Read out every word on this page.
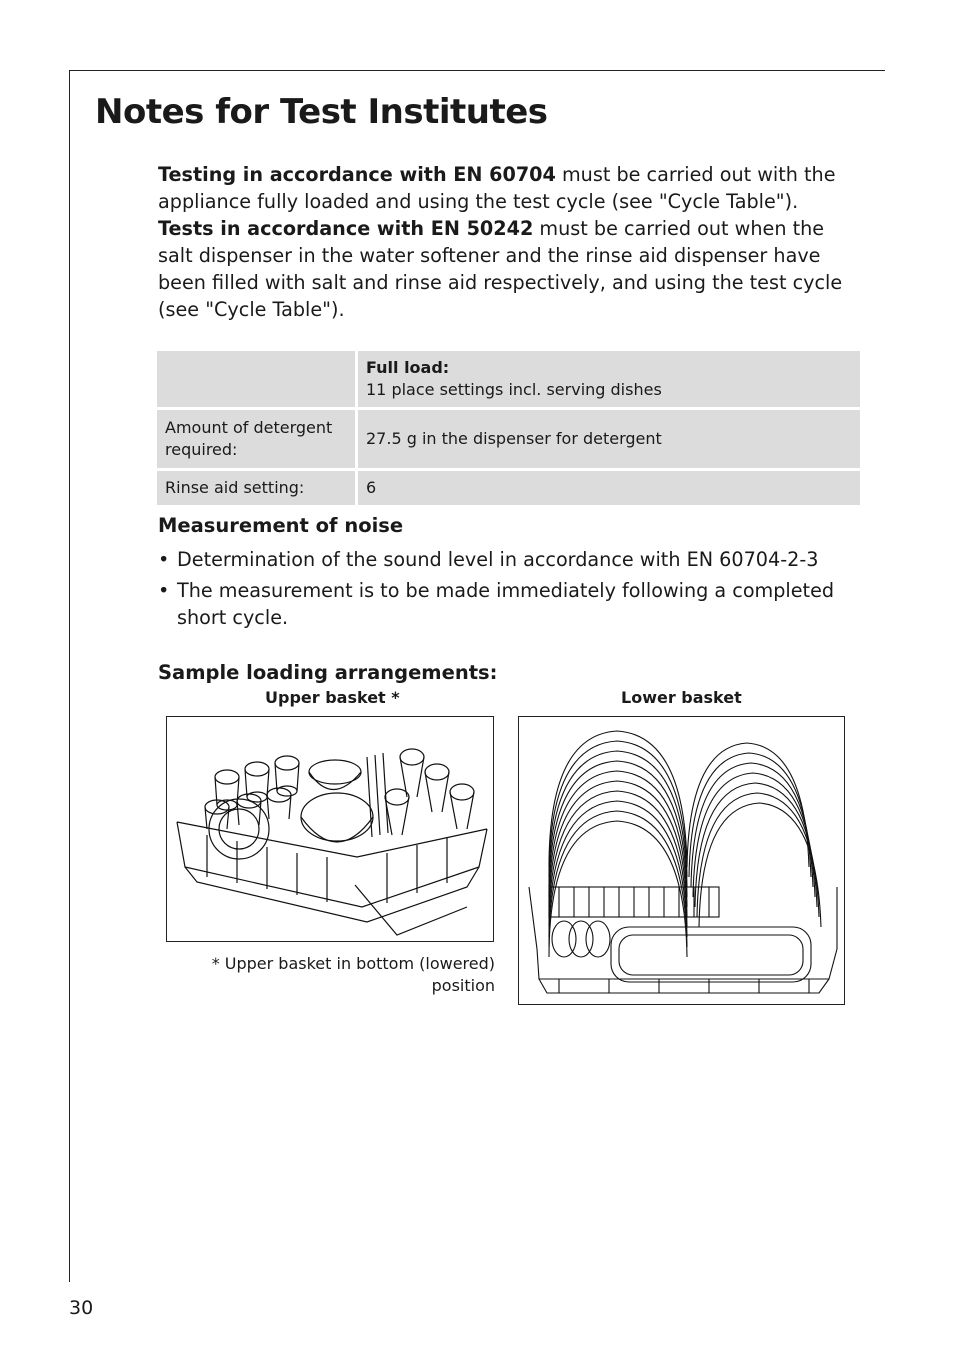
Notes for Test Institutes
Testing in accordance with EN 60704 must be carried out with the appliance fully loaded and using the test cycle (see "Cycle Table").
Tests in accordance with EN 50242 must be carried out when the salt dispenser in the water softener and the rinse aid dispenser have been filled with salt and rinse aid respectively, and using the test cycle (see "Cycle Table").

	Full load:
11 place settings incl. serving dishes

Amount of detergent required:	27.5 g in the dispenser for detergent
Rinse aid setting:	6
Measurement of noise
• Determination of the sound level in accordance with EN 60704-2-3
• The measurement is to be made immediately following a completed short cycle.
Sample loading arrangements:
Upper basket *	Lower basket
* Upper basket in bottom (lowered) position
30
